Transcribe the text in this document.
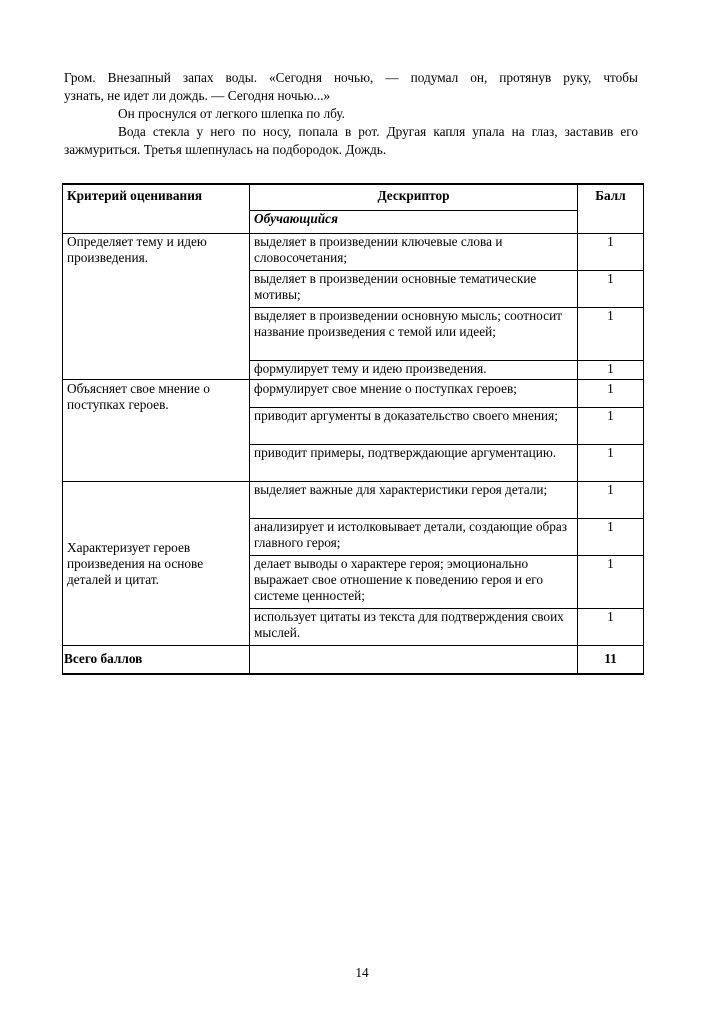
Гром. Внезапный запах воды. «Сегодня ночью, — подумал он, протянув руку, чтобы
узнать, не идет ли дождь. — Сегодня ночью...»
Он проснулся от легкого шлепка по лбу.
Вода стекла у него по носу, попала в рот. Другая капля упала на глаз, заставив его
зажмуриться. Третья шлепнулась на подбородок. Дождь.
Критерий оценивания	Дескриптор	Балл
	Обучающийся	
Определяет тему и идею произведения.	выделяет в произведении ключевые слова и словосочетания;	1
	выделяет в произведении основные тематические мотивы;	1
	выделяет в произведении основную мысль; соотносит название произведения с темой или идеей;	1
	формулирует тему и идею произведения.	1
Объясняет свое мнение о поступках героев.	формулирует свое мнение о поступках героев;	1
	приводит аргументы в доказательство своего мнения;	1
	приводит примеры, подтверждающие аргументацию.	1
Характеризует героев произведения на основе деталей и цитат.	выделяет важные для характеристики героя детали;	1
	анализирует и истолковывает детали, создающие образ главного героя;	1
	делает выводы о характере героя; эмоционально выражает свое отношение к поведению героя и его системе ценностей;	1
	использует цитаты из текста для подтверждения своих мыслей.	1
Всего баллов		11
14
